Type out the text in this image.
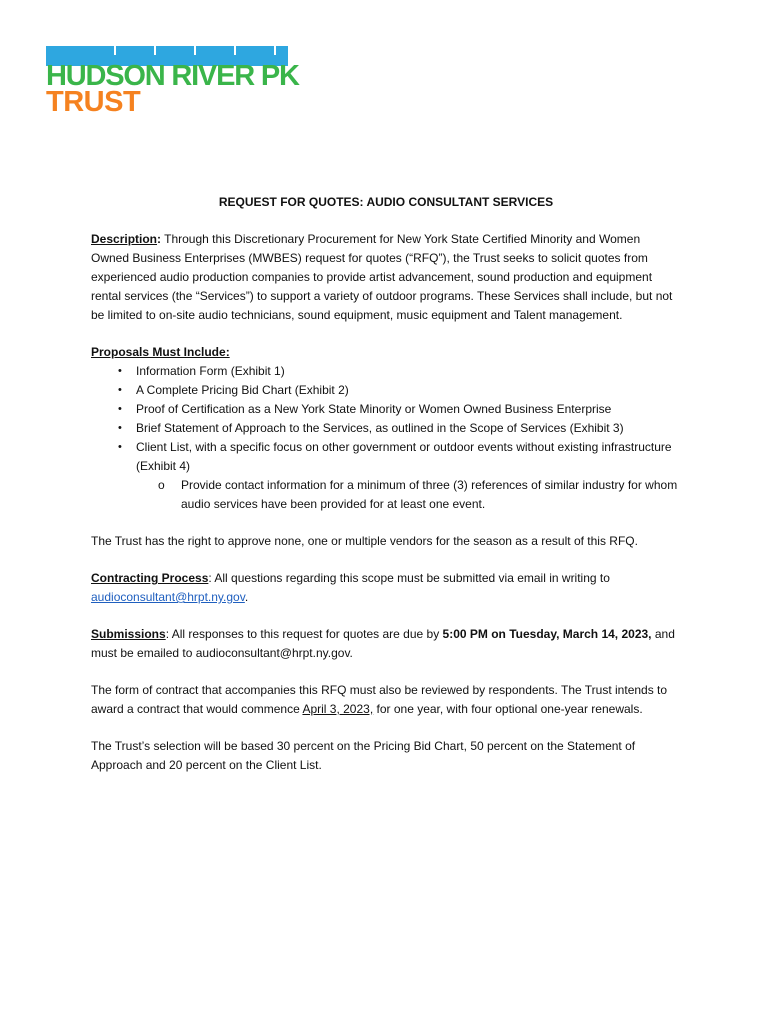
HUDSON RIVER PK
TRUST
REQUEST FOR QUOTES: AUDIO CONSULTANT SERVICES

Description: Through this Discretionary Procurement for New York State Certified Minority and Women Owned Business Enterprises (MWBES) request for quotes (“RFQ”), the Trust seeks to solicit quotes from experienced audio production companies to provide artist advancement, sound production and equipment rental services (the “Services”) to support a variety of outdoor programs. These Services shall include, but not be limited to on-site audio technicians, sound equipment, music equipment and Talent management.

Proposals Must Include:
• Information Form (Exhibit 1)
• A Complete Pricing Bid Chart (Exhibit 2)
• Proof of Certification as a New York State Minority or Women Owned Business Enterprise
• Brief Statement of Approach to the Services, as outlined in the Scope of Services (Exhibit 3)
• Client List, with a specific focus on other government or outdoor events without existing infrastructure (Exhibit 4)
o Provide contact information for a minimum of three (3) references of similar industry for whom audio services have been provided for at least one event.

The Trust has the right to approve none, one or multiple vendors for the season as a result of this RFQ.

Contracting Process: All questions regarding this scope must be submitted via email in writing to audioconsultant@hrpt.ny.gov.

Submissions: All responses to this request for quotes are due by 5:00 PM on Tuesday, March 14, 2023, and must be emailed to audioconsultant@hrpt.ny.gov.

The form of contract that accompanies this RFQ must also be reviewed by respondents. The Trust intends to award a contract that would commence April 3, 2023, for one year, with four optional one-year renewals.

The Trust’s selection will be based 30 percent on the Pricing Bid Chart, 50 percent on the Statement of Approach and 20 percent on the Client List.
